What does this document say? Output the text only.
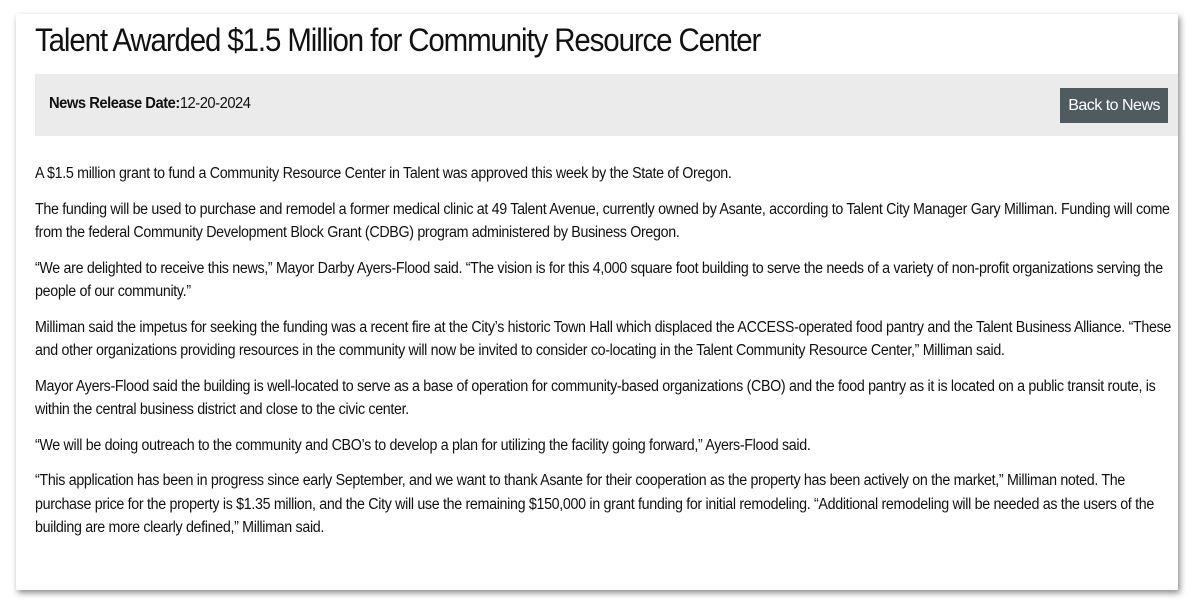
Talent Awarded $1.5 Million for Community Resource Center
News Release Date:12-20-2024	Back to News

A $1.5 million grant to fund a Community Resource Center in Talent was approved this week by the State of Oregon.

The funding will be used to purchase and remodel a former medical clinic at 49 Talent Avenue, currently owned by Asante, according to Talent City Manager Gary Milliman. Funding will come from the federal Community Development Block Grant (CDBG) program administered by Business Oregon.

“We are delighted to receive this news,” Mayor Darby Ayers-Flood said. “The vision is for this 4,000 square foot building to serve the needs of a variety of non-profit organizations serving the people of our community.”

Milliman said the impetus for seeking the funding was a recent fire at the City’s historic Town Hall which displaced the ACCESS-operated food pantry and the Talent Business Alliance. “These and other organizations providing resources in the community will now be invited to consider co-locating in the Talent Community Resource Center,” Milliman said.

Mayor Ayers-Flood said the building is well-located to serve as a base of operation for community-based organizations (CBO) and the food pantry as it is located on a public transit route, is within the central business district and close to the civic center.

“We will be doing outreach to the community and CBO’s to develop a plan for utilizing the facility going forward,” Ayers-Flood said.

“This application has been in progress since early September, and we want to thank Asante for their cooperation as the property has been actively on the market,” Milliman noted. The purchase price for the property is $1.35 million, and the City will use the remaining $150,000 in grant funding for initial remodeling. “Additional remodeling will be needed as the users of the building are more clearly defined,” Milliman said.
